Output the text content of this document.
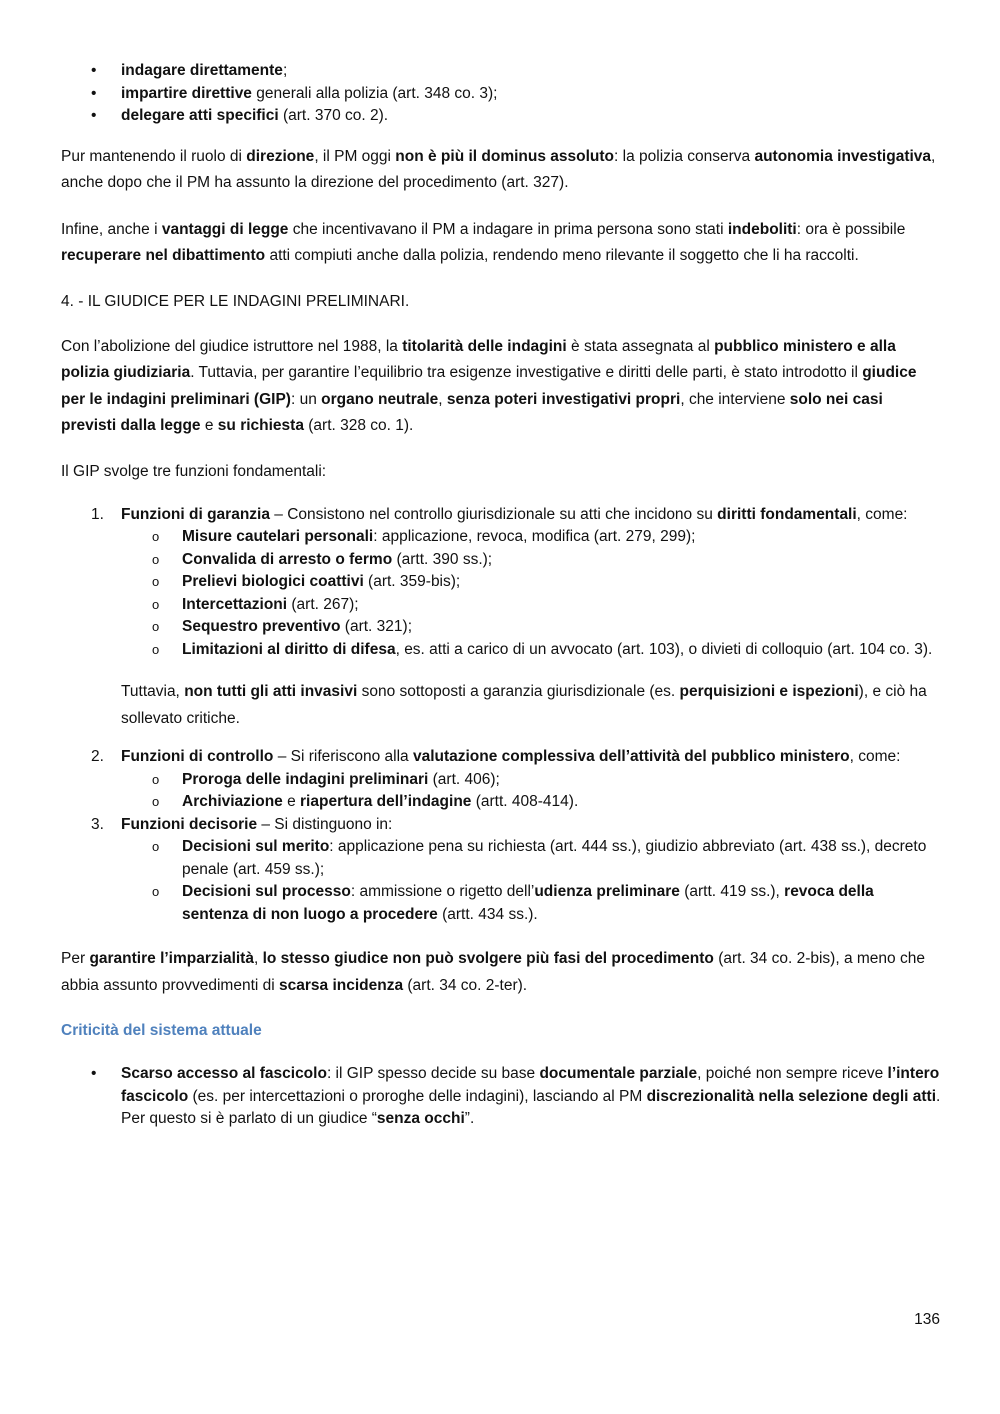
• indagare direttamente;
• impartire direttive generali alla polizia (art. 348 co. 3);
• delegare atti specifici (art. 370 co. 2).

Pur mantenendo il ruolo di direzione, il PM oggi non è più il dominus assoluto: la polizia conserva autonomia investigativa, anche dopo che il PM ha assunto la direzione del procedimento (art. 327).

Infine, anche i vantaggi di legge che incentivavano il PM a indagare in prima persona sono stati indeboliti: ora è possibile recuperare nel dibattimento atti compiuti anche dalla polizia, rendendo meno rilevante il soggetto che li ha raccolti.

4. - IL GIUDICE PER LE INDAGINI PRELIMINARI.

Con l’abolizione del giudice istruttore nel 1988, la titolarità delle indagini è stata assegnata al pubblico ministero e alla polizia giudiziaria. Tuttavia, per garantire l’equilibrio tra esigenze investigative e diritti delle parti, è stato introdotto il giudice per le indagini preliminari (GIP): un organo neutrale, senza poteri investigativi propri, che interviene solo nei casi previsti dalla legge e su richiesta (art. 328 co. 1).

Il GIP svolge tre funzioni fondamentali:

1. Funzioni di garanzia – Consistono nel controllo giurisdizionale su atti che incidono su diritti fondamentali, come:
o Misure cautelari personali: applicazione, revoca, modifica (art. 279, 299);
o Convalida di arresto o fermo (artt. 390 ss.);
o Prelievi biologici coattivi (art. 359-bis);
o Intercettazioni (art. 267);
o Sequestro preventivo (art. 321);
o Limitazioni al diritto di difesa, es. atti a carico di un avvocato (art. 103), o divieti di colloquio (art. 104 co. 3).

Tuttavia, non tutti gli atti invasivi sono sottoposti a garanzia giurisdizionale (es. perquisizioni e ispezioni), e ciò ha sollevato critiche.

2. Funzioni di controllo – Si riferiscono alla valutazione complessiva dell’attività del pubblico ministero, come:
o Proroga delle indagini preliminari (art. 406);
o Archiviazione e riapertura dell’indagine (artt. 408-414).
3. Funzioni decisorie – Si distinguono in:
o Decisioni sul merito: applicazione pena su richiesta (art. 444 ss.), giudizio abbreviato (art. 438 ss.), decreto penale (art. 459 ss.);
o Decisioni sul processo: ammissione o rigetto dell’udienza preliminare (artt. 419 ss.), revoca della sentenza di non luogo a procedere (artt. 434 ss.).

Per garantire l’imparzialità, lo stesso giudice non può svolgere più fasi del procedimento (art. 34 co. 2-bis), a meno che abbia assunto provvedimenti di scarsa incidenza (art. 34 co. 2-ter).

Criticità del sistema attuale

• Scarso accesso al fascicolo: il GIP spesso decide su base documentale parziale, poiché non sempre riceve l’intero fascicolo (es. per intercettazioni o proroghe delle indagini), lasciando al PM discrezionalità nella selezione degli atti. Per questo si è parlato di un giudice “senza occhi”.
136
